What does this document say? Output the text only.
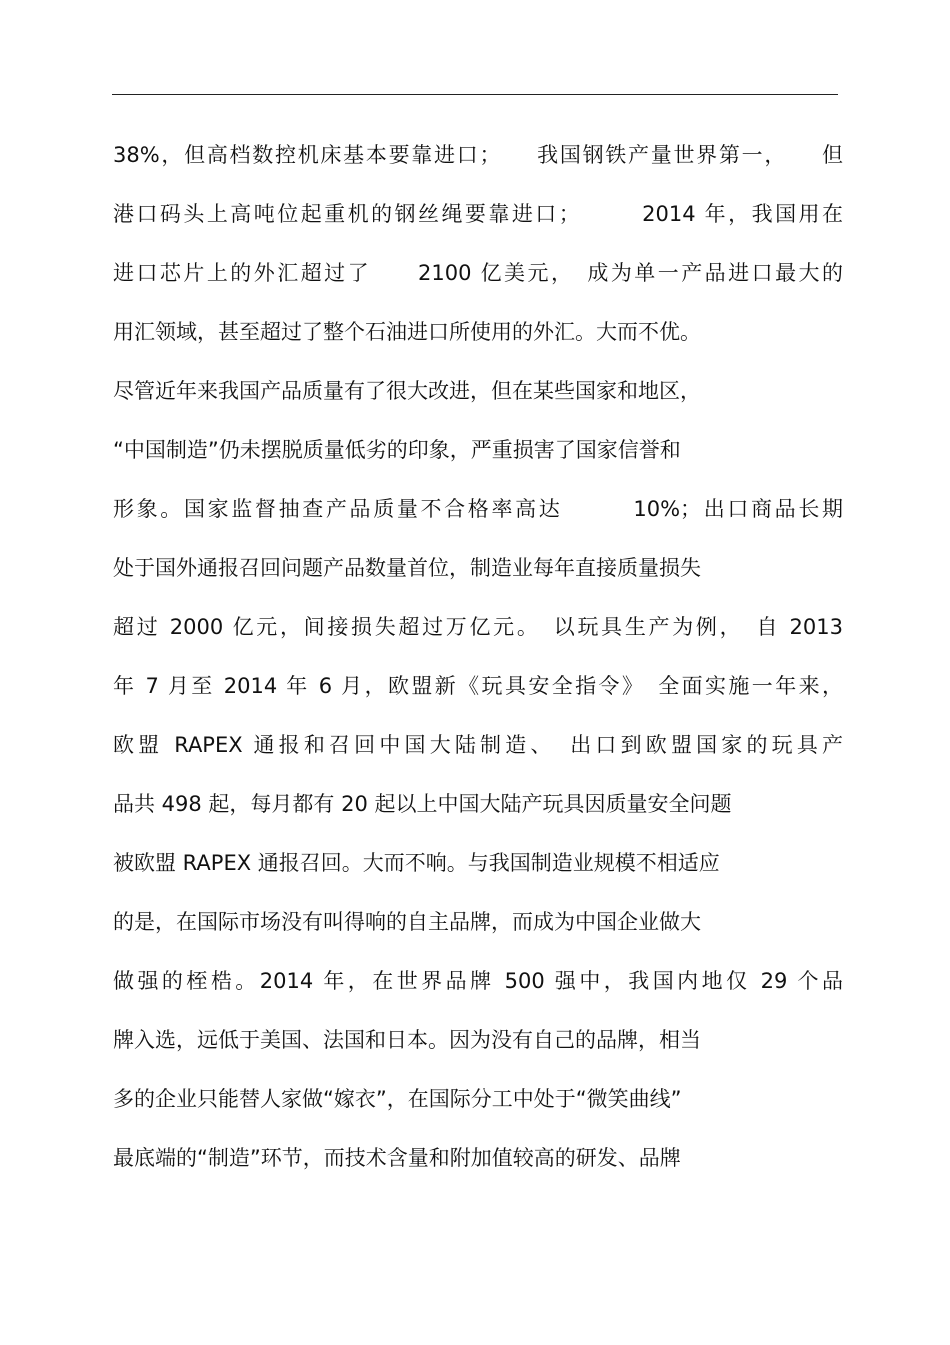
38%，但高档数控机床基本要靠进口；　　我国钢铁产量世界第一，　　但
港口码头上高吨位起重机的钢丝绳要靠进口；　　　2014 年，我国用在
进口芯片上的外汇超过了　　2100 亿美元，　成为单一产品进口最大的
用汇领域，甚至超过了整个石油进口所使用的外汇。大而不优。
尽管近年来我国产品质量有了很大改进，但在某些国家和地区，
“中国制造”仍未摆脱质量低劣的印象，严重损害了国家信誉和
形象。国家监督抽查产品质量不合格率高达　　　10%；出口商品长期
处于国外通报召回问题产品数量首位，制造业每年直接质量损失
超过 2000 亿元，间接损失超过万亿元。　以玩具生产为例，　自 2013
年 7 月至 2014 年 6 月，欧盟新《玩具安全指令》　全面实施一年来，
欧盟 RAPEX 通报和召回中国大陆制造、　出口到欧盟国家的玩具产
品共 498 起，每月都有 20 起以上中国大陆产玩具因质量安全问题
被欧盟 RAPEX 通报召回。大而不响。与我国制造业规模不相适应
的是，在国际市场没有叫得响的自主品牌，而成为中国企业做大
做强的桎梏。2014 年，在世界品牌 500 强中，我国内地仅 29 个品
牌入选，远低于美国、法国和日本。因为没有自己的品牌，相当
多的企业只能替人家做“嫁衣”，在国际分工中处于“微笑曲线”
最底端的“制造”环节，而技术含量和附加值较高的研发、品牌
